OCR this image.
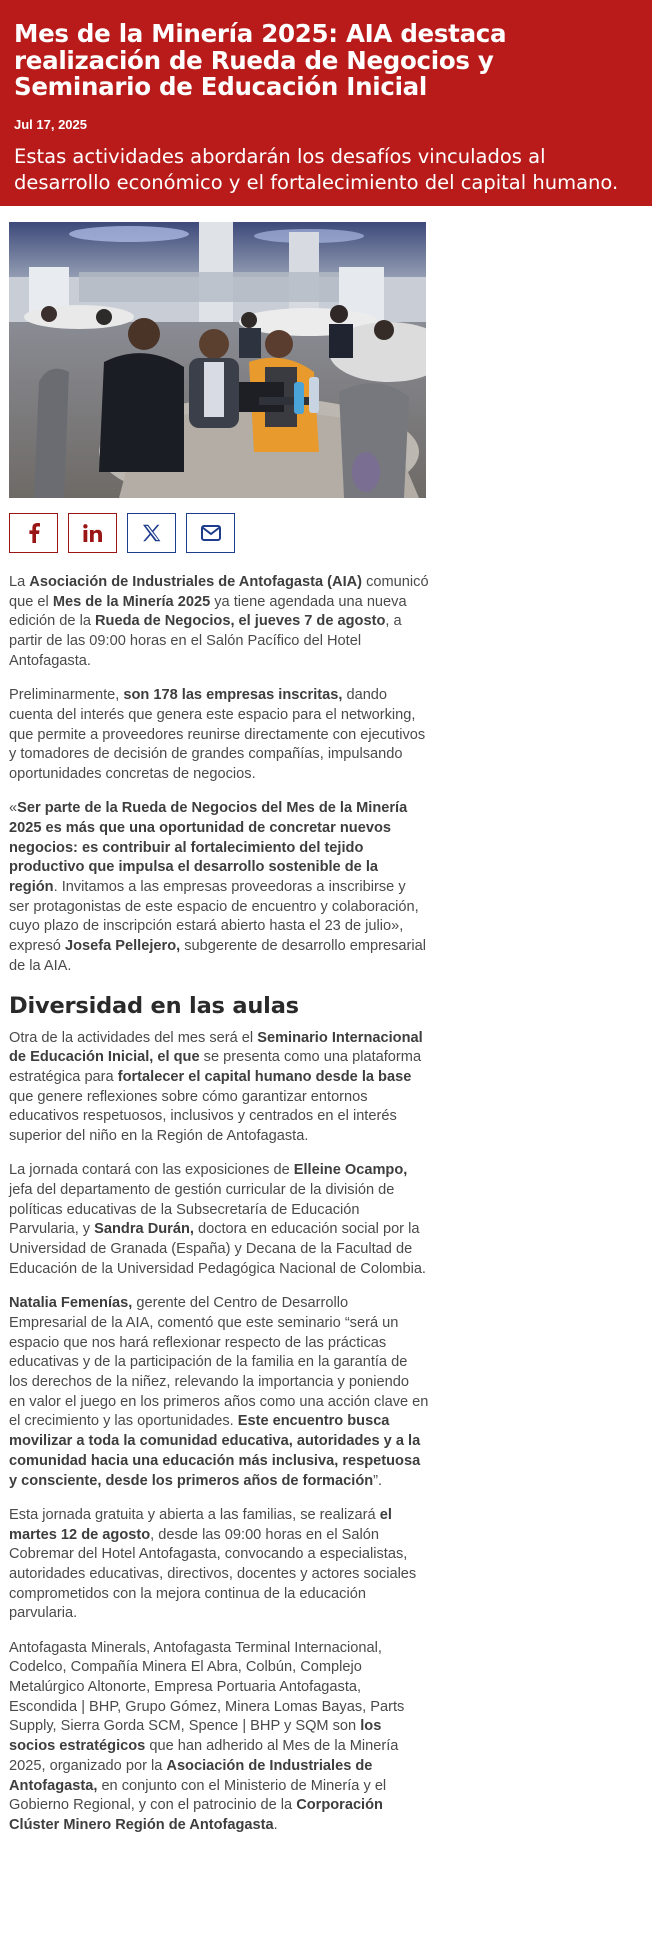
Mes de la Minería 2025: AIA destaca realización de Rueda de Negocios y Seminario de Educación Inicial
Jul 17, 2025
Estas actividades abordarán los desafíos vinculados al desarrollo económico y el fortalecimiento del capital humano.

La Asociación de Industriales de Antofagasta (AIA) comunicó que el Mes de la Minería 2025 ya tiene agendada una nueva edición de la Rueda de Negocios, el jueves 7 de agosto, a partir de las 09:00 horas en el Salón Pacífico del Hotel Antofagasta.

Preliminarmente, son 178 las empresas inscritas, dando cuenta del interés que genera este espacio para el networking, que permite a proveedores reunirse directamente con ejecutivos y tomadores de decisión de grandes compañías, impulsando oportunidades concretas de negocios.

«Ser parte de la Rueda de Negocios del Mes de la Minería 2025 es más que una oportunidad de concretar nuevos negocios: es contribuir al fortalecimiento del tejido productivo que impulsa el desarrollo sostenible de la región. Invitamos a las empresas proveedoras a inscribirse y ser protagonistas de este espacio de encuentro y colaboración, cuyo plazo de inscripción estará abierto hasta el 23 de julio», expresó Josefa Pellejero, subgerente de desarrollo empresarial de la AIA.

Diversidad en las aulas

Otra de la actividades del mes será el Seminario Internacional de Educación Inicial, el que se presenta como una plataforma estratégica para fortalecer el capital humano desde la base que genere reflexiones sobre cómo garantizar entornos educativos respetuosos, inclusivos y centrados en el interés superior del niño en la Región de Antofagasta.

La jornada contará con las exposiciones de Elleine Ocampo, jefa del departamento de gestión curricular de la división de políticas educativas de la Subsecretaría de Educación Parvularia, y Sandra Durán, doctora en educación social por la Universidad de Granada (España) y Decana de la Facultad de Educación de la Universidad Pedagógica Nacional de Colombia.

Natalia Femenías, gerente del Centro de Desarrollo Empresarial de la AIA, comentó que este seminario “será un espacio que nos hará reflexionar respecto de las prácticas educativas y de la participación de la familia en la garantía de los derechos de la niñez, relevando la importancia y poniendo en valor el juego en los primeros años como una acción clave en el crecimiento y las oportunidades. Este encuentro busca movilizar a toda la comunidad educativa, autoridades y a la comunidad hacia una educación más inclusiva, respetuosa y consciente, desde los primeros años de formación”.

Esta jornada gratuita y abierta a las familias, se realizará el martes 12 de agosto, desde las 09:00 horas en el Salón Cobremar del Hotel Antofagasta, convocando a especialistas, autoridades educativas, directivos, docentes y actores sociales comprometidos con la mejora continua de la educación parvularia.

Antofagasta Minerals, Antofagasta Terminal Internacional, Codelco, Compañía Minera El Abra, Colbún, Complejo Metalúrgico Altonorte, Empresa Portuaria Antofagasta, Escondida | BHP, Grupo Gómez, Minera Lomas Bayas, Parts Supply, Sierra Gorda SCM, Spence | BHP y SQM son los socios estratégicos que han adherido al Mes de la Minería 2025, organizado por la Asociación de Industriales de Antofagasta, en conjunto con el Ministerio de Minería y el Gobierno Regional, y con el patrocinio de la Corporación Clúster Minero Región de Antofagasta.
